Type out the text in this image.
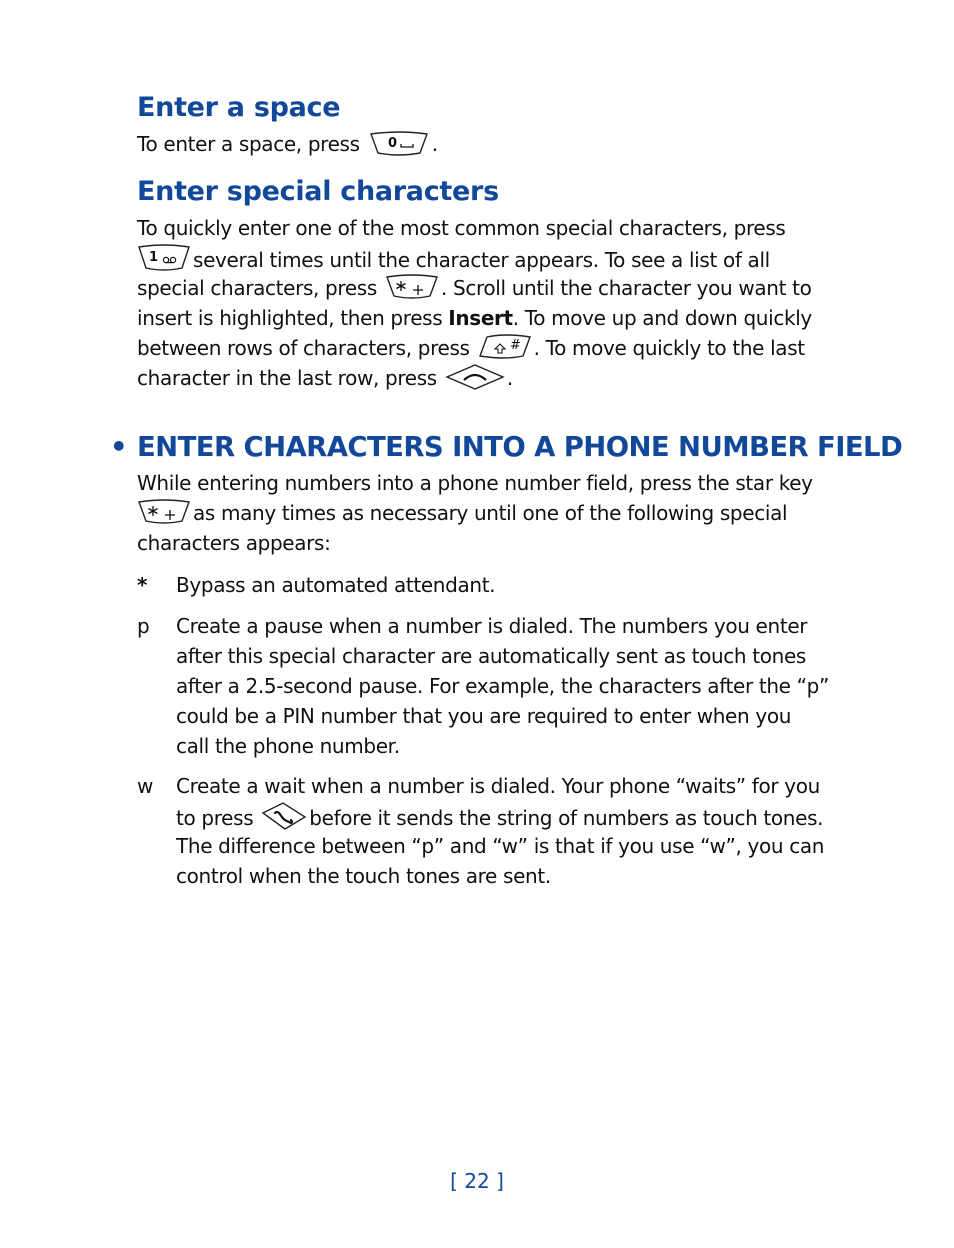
Enter a space

To enter a space, press 0 .

Enter special characters

To quickly enter one of the most common special characters, press
1 several times until the character appears. To see a list of all
special characters, press	. Scroll until the character you want to
insert is highlighted, then press Insert. To move up and down quickly
between rows of characters, press	# . To move quickly to the last
character in the last row, press	.

• ENTER CHARACTERS INTO A PHONE NUMBER FIELD

While entering numbers into a phone number field, press the star key
as many times as necessary until one of the following special
characters appears:

*	Bypass an automated attendant.
p	Create a pause when a number is dialed. The numbers you enter
after this special character are automatically sent as touch tones
after a 2.5-second pause. For example, the characters after the “p”
could be a PIN number that you are required to enter when you
call the phone number.
w	Create a wait when a number is dialed. Your phone “waits” for you
to press	before it sends the string of numbers as touch tones.
The difference between “p” and “w” is that if you use “w”, you can
control when the touch tones are sent.
[ 22 ]
